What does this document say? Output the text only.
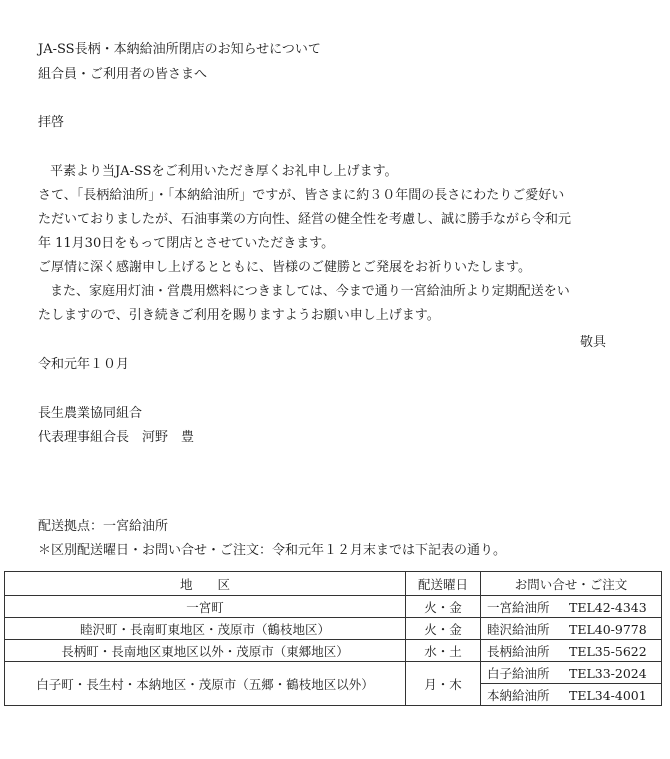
JA-SS長柄・本納給油所閉店のお知らせについて
組合員・ご利用者の皆さまへ
拝啓
平素より当JA-SSをご利用いただき厚くお礼申し上げます。
さて、「長柄給油所」・「本納給油所」ですが、皆さまに約３０年間の長さにわたりご愛好い
ただいておりましたが、石油事業の方向性、経営の健全性を考慮し、誠に勝手ながら令和元
年 11月30日をもって閉店とさせていただきます。
ご厚情に深く感謝申し上げるとともに、皆様のご健勝とご発展をお祈りいたします。
また、家庭用灯油・営農用燃料につきましては、今まで通り一宮給油所より定期配送をい
たしますので、引き続きご利用を賜りますようお願い申し上げます。
敬具
令和元年１０月
長生農業協同組合
代表理事組合長　河野　豊
配送拠点：一宮給油所
＊区別配送曜日・お問い合せ・ご注文：令和元年１２月末までは下記表の通り。
地　　区	配送曜日	お問い合せ・ご注文
一宮町	火・金	一宮給油所 TEL42-4343
睦沢町・長南町東地区・茂原市（鶴枝地区）	火・金	睦沢給油所 TEL40-9778
長柄町・長南地区東地区以外・茂原市（東郷地区）	水・土	長柄給油所 TEL35-5622
白子町・長生村・本納地区・茂原市（五郷・鶴枝地区以外）	月・木	白子給油所 TEL33-2024
		本納給油所 TEL34-4001
